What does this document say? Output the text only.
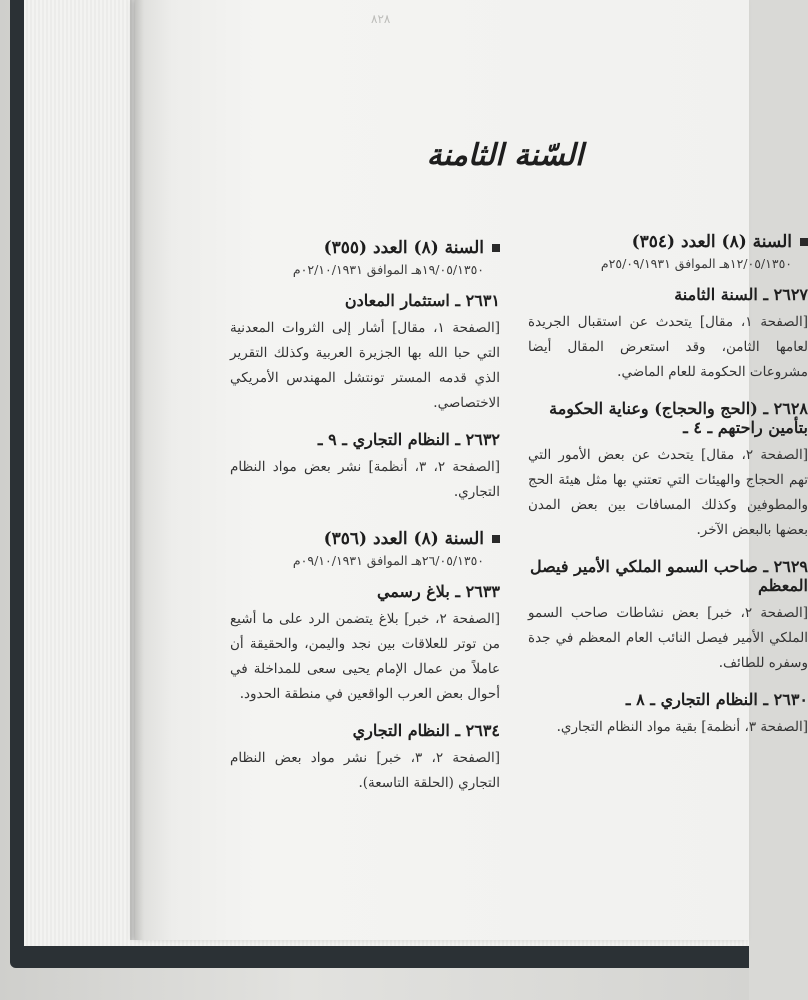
٨٢٨
السّنة الثامنة
السنة (٨) العدد (٣٥٥)
١٩/٠٥/١٣٥٠هـ الموافق ٠٢/١٠/١٩٣١م
٢٦٣١ ـ استثمار المعادن
[الصفحة ١، مقال] أشار إلى الثروات المعدنية التي حبا الله بها الجزيرة العربية وكذلك التقرير الذي قدمه المستر تونتشل المهندس الأمريكي الاختصاصي.
٢٦٣٢ ـ النظام التجاري ـ ٩ ـ
[الصفحة ٢، ٣، أنظمة] نشر بعض مواد النظام التجاري.
السنة (٨) العدد (٣٥٦)
٢٦/٠٥/١٣٥٠هـ الموافق ٠٩/١٠/١٩٣١م
٢٦٣٣ ـ بلاغ رسمي
[الصفحة ٢، خبر] بلاغ يتضمن الرد على ما أشيع من توتر للعلاقات بين نجد واليمن، والحقيقة أن عاملاً من عمال الإمام يحيى سعى للمداخلة في أحوال بعض العرب الواقعين في منطقة الحدود.
٢٦٣٤ ـ النظام التجاري
[الصفحة ٢، ٣، خبر] نشر مواد بعض النظام التجاري (الحلقة التاسعة).
السنة (٨) العدد (٣٥٤)
١٢/٠٥/١٣٥٠هـ الموافق ٢٥/٠٩/١٩٣١م
٢٦٢٧ ـ السنة الثامنة
[الصفحة ١، مقال] يتحدث عن استقبال الجريدة لعامها الثامن، وقد استعرض المقال أيضا مشروعات الحكومة للعام الماضي.
٢٦٢٨ ـ (الحج والحجاج) وعناية الحكومة بتأمين راحتهم ـ ٤ ـ
[الصفحة ٢، مقال] يتحدث عن بعض الأمور التي تهم الحجاج والهيئات التي تعتني بها مثل هيئة الحج والمطوفين وكذلك المسافات بين بعض المدن بعضها بالبعض الآخر.
٢٦٢٩ ـ صاحب السمو الملكي الأمير فيصل المعظم
[الصفحة ٢، خبر] بعض نشاطات صاحب السمو الملكي الأمير فيصل النائب العام المعظم في جدة وسفره للطائف.
٢٦٣٠ ـ النظام التجاري ـ ٨ ـ
[الصفحة ٣، أنظمة] بقية مواد النظام التجاري.
